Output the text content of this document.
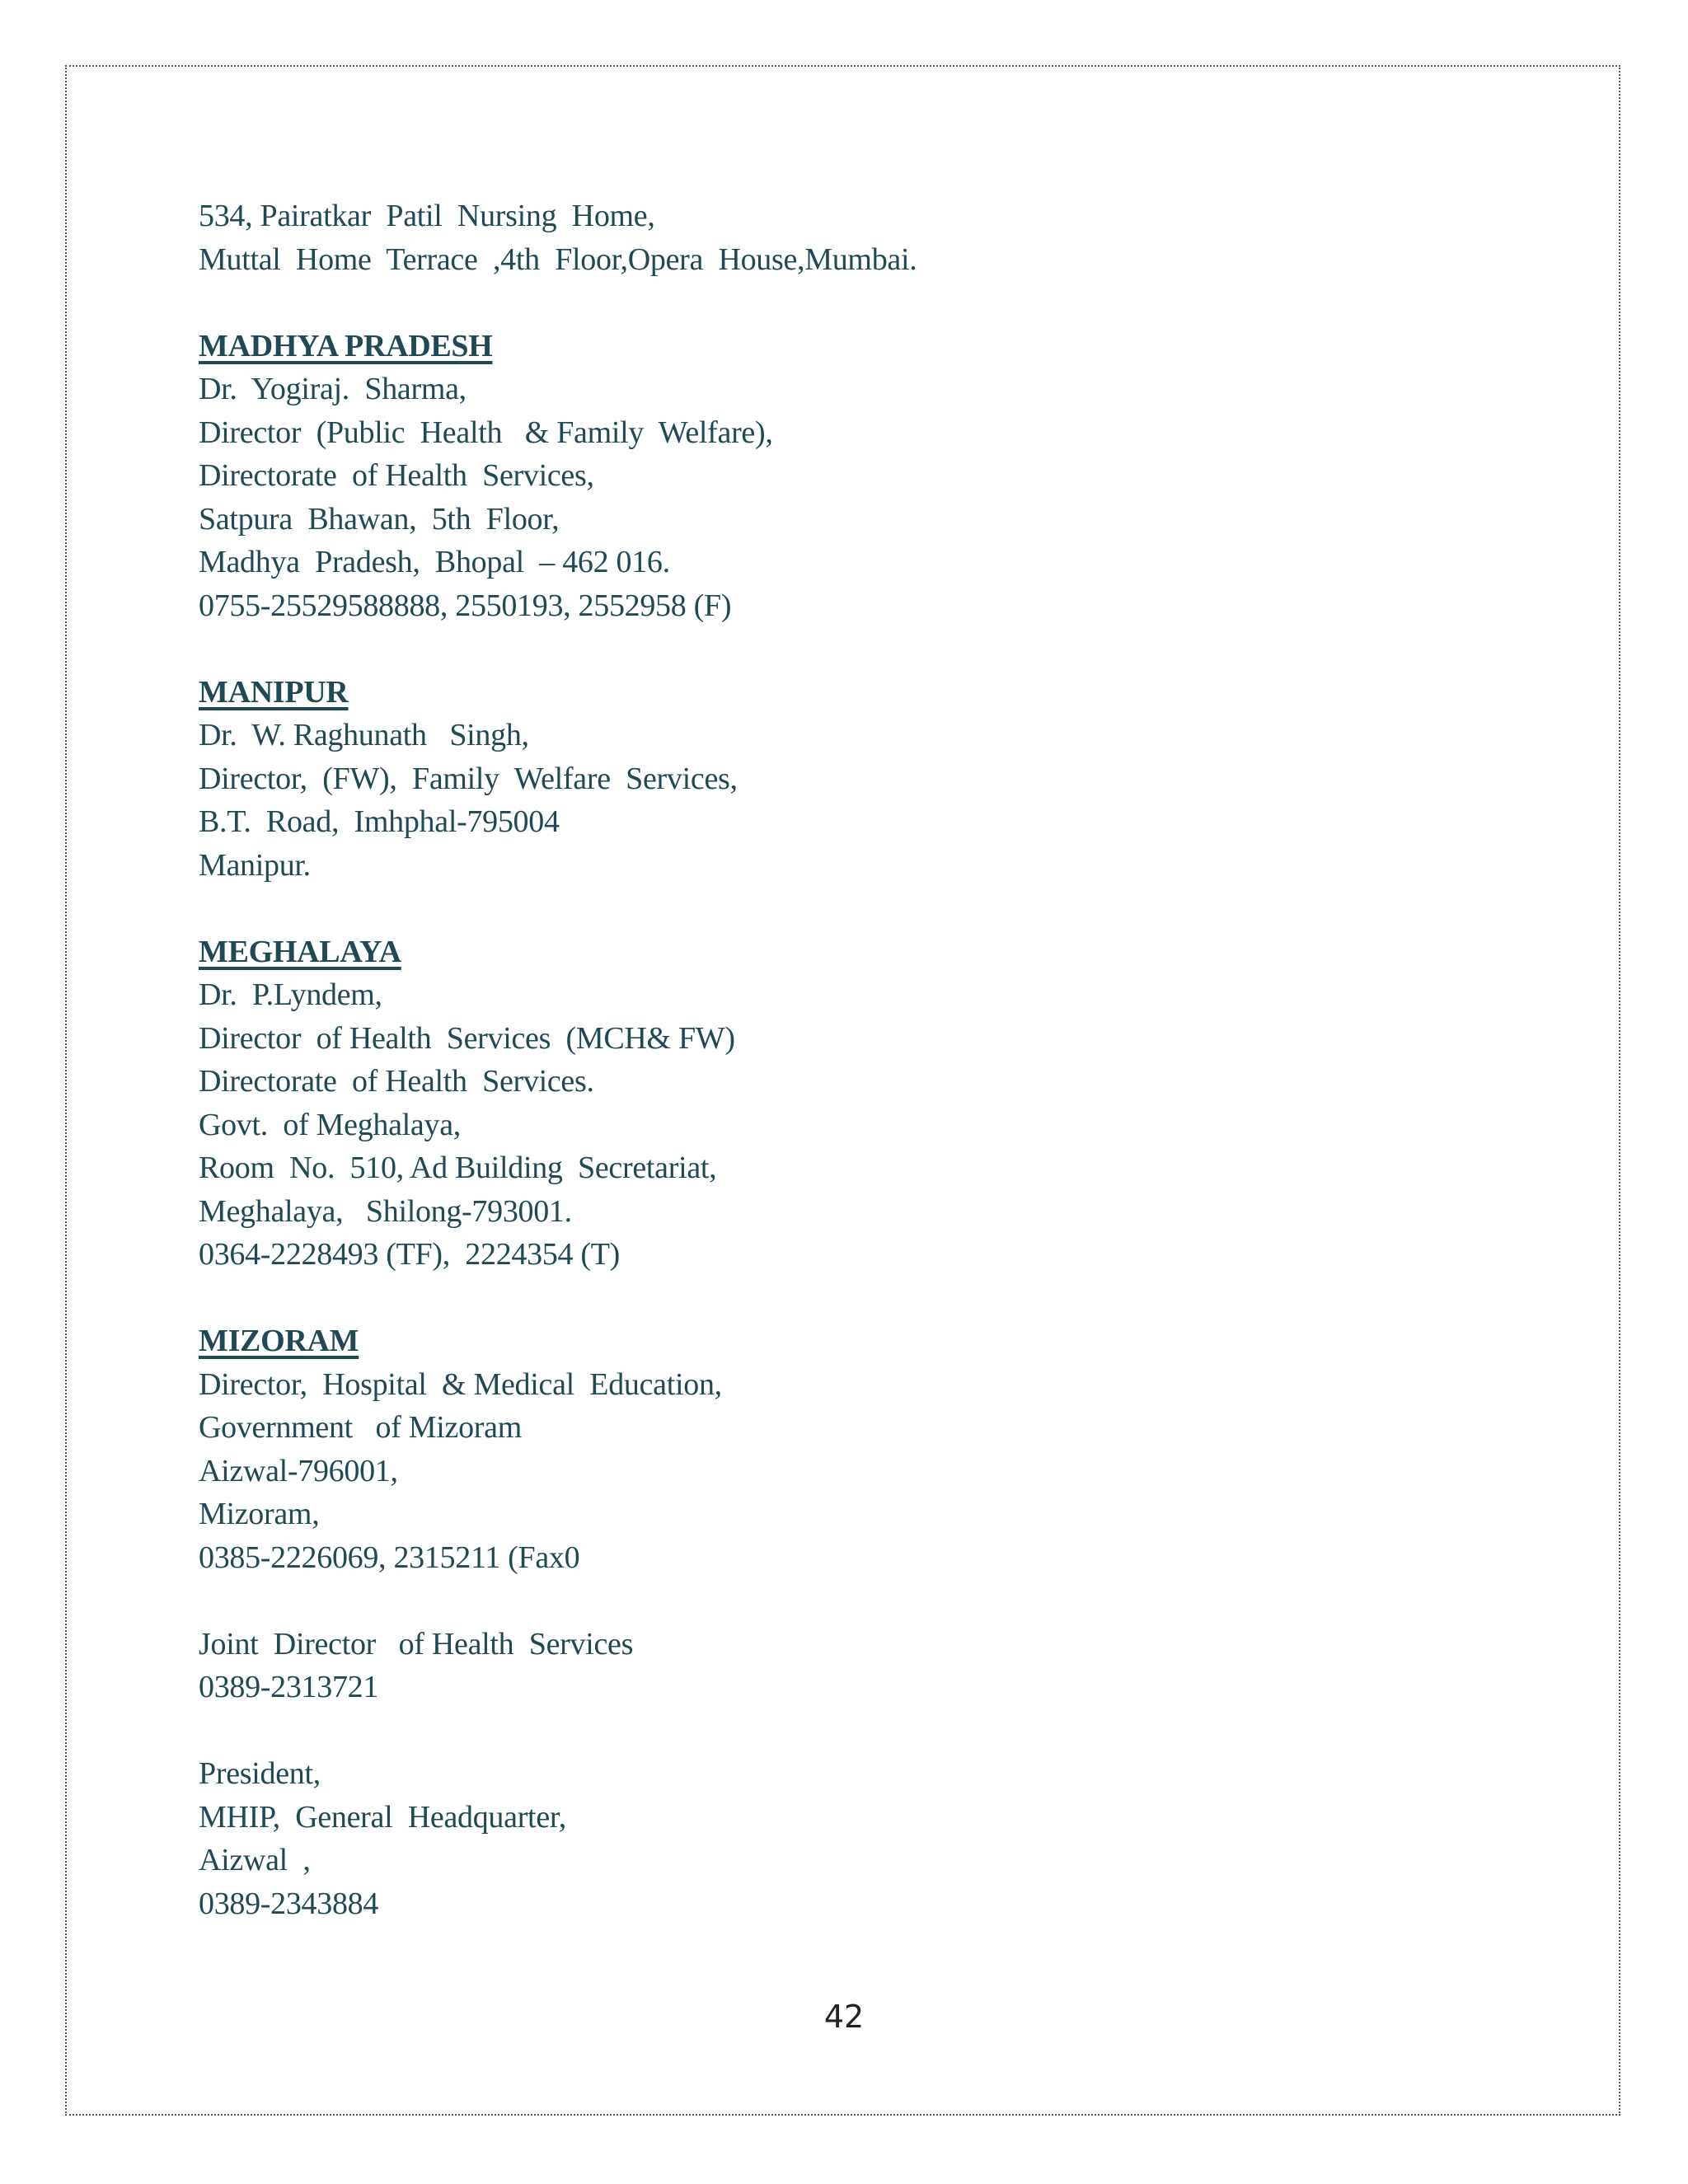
534, Pairatkar  Patil  Nursing  Home,
Muttal  Home  Terrace  ,4th  Floor,Opera  House,Mumbai.
MADHYA PRADESH
Dr.  Yogiraj.  Sharma,
Director  (Public  Health   & Family  Welfare),
Directorate  of Health  Services,
Satpura  Bhawan,  5th  Floor,
Madhya  Pradesh,  Bhopal  – 462 016.
0755-25529588888, 2550193, 2552958 (F)
MANIPUR
Dr.  W. Raghunath   Singh,
Director,  (FW),  Family  Welfare  Services,
B.T.  Road,  Imhphal-795004
Manipur.
MEGHALAYA
Dr.  P.Lyndem,
Director  of Health  Services  (MCH& FW)
Directorate  of Health  Services.
Govt.  of Meghalaya,
Room  No.  510, Ad Building  Secretariat,
Meghalaya,   Shilong-793001.
0364-2228493 (TF),  2224354 (T)
MIZORAM
Director,  Hospital  & Medical  Education,
Government   of Mizoram
Aizwal-796001,
Mizoram,
0385-2226069, 2315211 (Fax0
Joint  Director   of Health  Services
0389-2313721
President,
MHIP,  General  Headquarter,
Aizwal  ,
0389-2343884
42
